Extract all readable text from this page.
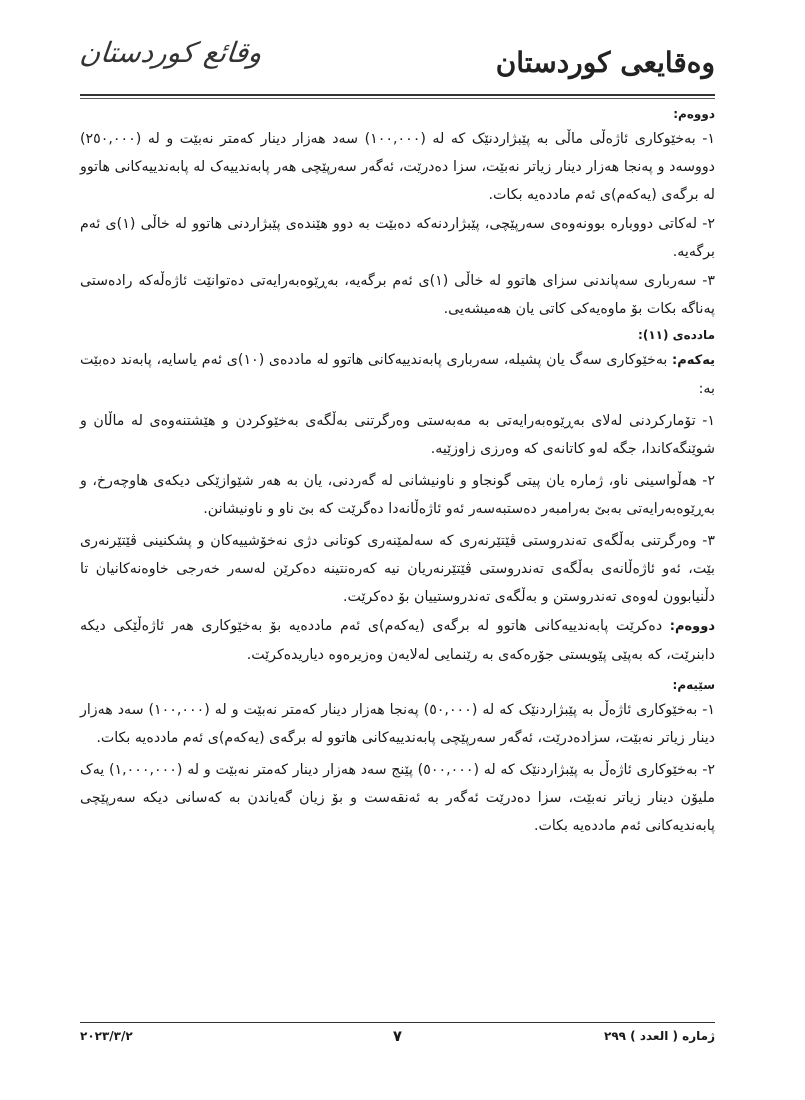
وەقایعی کوردستان
وقائع كوردستان
دووەم:

١- بەخێوکاری ئاژەڵی ماڵی بە پێبژاردنێک کە لە (١٠٠,٠٠٠) سەد هەزار دینار کەمتر نەبێت و لە (٢٥٠,٠٠٠) دووسەد و پەنجا هەزار دینار زیاتر نەبێت، سزا دەدرێت، ئەگەر سەرپێچی هەر پابەندییەک لە پابەندییەکانی هاتوو لە برگەی (یەکەم)ی ئەم ماددەیە بکات.

٢- لەکاتی دووبارە بوونەوەی سەرپێچی، پێبژاردنەکە دەبێت بە دوو هێندەی پێبژاردنی هاتوو لە خاڵی (١)ی ئەم برگەیە.

٣- سەرباری سەپاندنی سزای هاتوو لە خاڵی (١)ی ئەم برگەیە، بەڕێوەبەرایەتی دەتوانێت ئاژەڵەکە رادەستی پەناگە بکات بۆ ماوەیەکی کاتی یان هەمیشەیی.

ماددەی (١١):

یەکەم: بەخێوکاری سەگ یان پشیلە، سەرباری پابەندییەکانی هاتوو لە ماددەی (١٠)ی ئەم یاسایە، پابەند دەبێت بە:

١- تۆمارکردنی لەلای بەڕێوەبەرایەتی بە مەبەستی وەرگرتنی بەڵگەی بەخێوکردن و هێشتنەوەی لە ماڵان و شوێنگەکاندا، جگە لەو کاتانەی کە وەرزی زاوزێیە.

٢- هەڵواسینی ناو، ژمارە یان پیتی گونجاو و ناونیشانی لە گەردنی، یان بە هەر شێوازێکی دیکەی هاوچەرخ، و بەڕێوەبەرایەتی بەبێ بەرامبەر دەستبەسەر ئەو ئاژەڵانەدا دەگرێت کە بێ ناو و ناونیشانن.

٣- وەرگرتنی بەڵگەی تەندروستی ڤێتێرنەری کە سەلمێنەری کوتانی دژی نەخۆشییەکان و پشکنینی ڤێتێرنەری بێت، ئەو ئاژەڵانەی بەڵگەی تەندروستی ڤێتێرنەریان نیە کەرەنتینە دەکرێن لەسەر خەرجی خاوەنەکانیان تا دڵنیابوون لەوەی تەندروستن و بەڵگەی تەندروستییان بۆ دەکرێت.

دووەم: دەکرێت پابەندییەکانی هاتوو لە برگەی (یەکەم)ی ئەم ماددەیە بۆ بەخێوکاری هەر ئاژەڵێکی دیکە دابنرێت، کە بەپێی پێویستی جۆرەکەی بە رێنمایی لەلایەن وەزیرەوە دیاریدەکرێت.

سێیەم:

١- بەخێوکاری ئاژەڵ بە پێبژاردنێک کە لە (٥٠,٠٠٠) پەنجا هەزار دینار کەمتر نەبێت و لە (١٠٠,٠٠٠) سەد هەزار دینار زیاتر نەبێت، سزادەدرێت، ئەگەر سەرپێچی پابەندییەکانی هاتوو لە برگەی (یەکەم)ی ئەم ماددەیە بکات.

٢- بەخێوکاری ئاژەڵ بە پێبژاردنێک کە لە (٥٠٠,٠٠٠) پێنج سەد هەزار دینار کەمتر نەبێت و لە (١,٠٠٠,٠٠٠) یەک ملیۆن دینار زیاتر نەبێت، سزا دەدرێت ئەگەر بە ئەنقەست و بۆ زیان گەیاندن بە کەسانی دیکە سەرپێچی پابەندیەکانی ئەم ماددەیە بکات.

ژمارە ( العدد ) ٢٩٩
٧
٢٠٢٣/٣/٢
